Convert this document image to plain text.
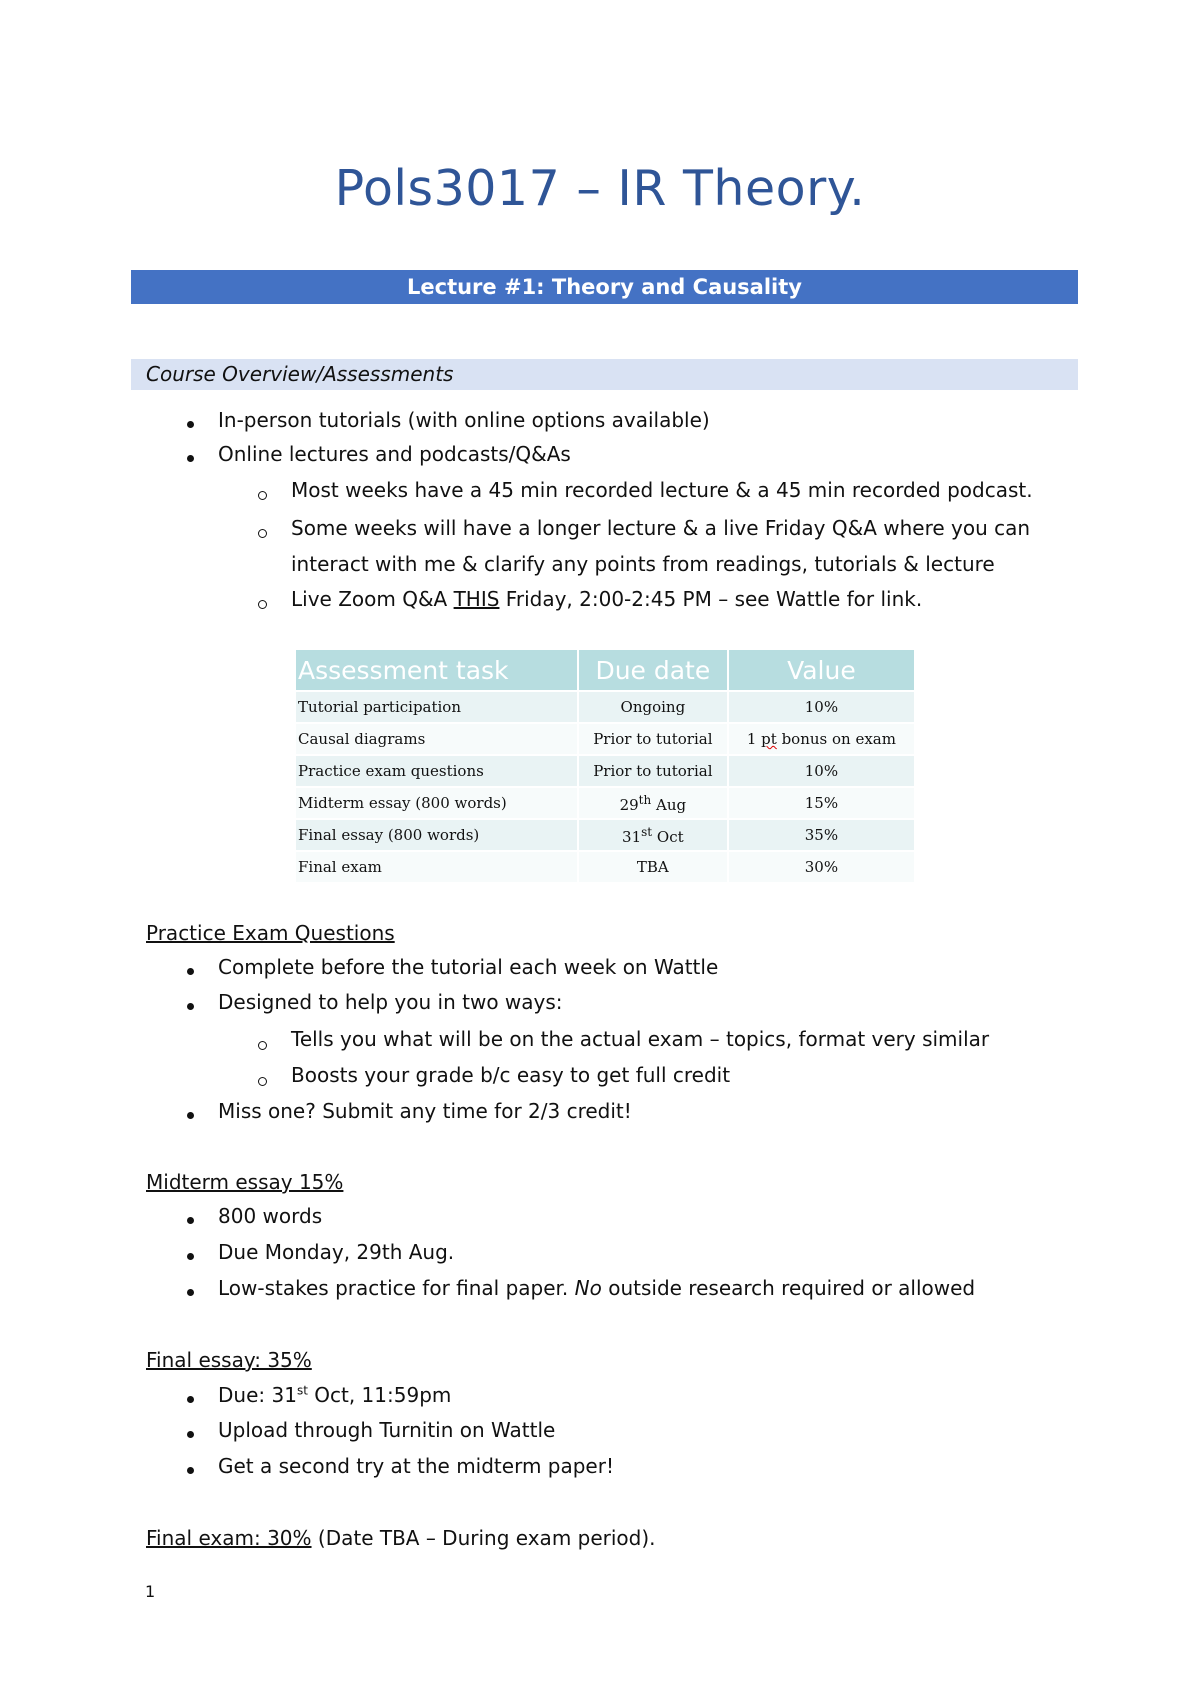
Pols3017 – IR Theory.
Lecture #1: Theory and Causality
Course Overview/Assessments
In-person tutorials (with online options available)
Online lectures and podcasts/Q&As
Most weeks have a 45 min recorded lecture & a 45 min recorded podcast.
Some weeks will have a longer lecture & a live Friday Q&A where you can
interact with me & clarify any points from readings, tutorials & lecture
Live Zoom Q&A THIS Friday, 2:00-2:45 PM – see Wattle for link.
Assessment task	Due date	Value
Tutorial participation	Ongoing	10%
Causal diagrams	Prior to tutorial	1 pt bonus on exam
Practice exam questions	Prior to tutorial	10%
Midterm essay (800 words)	29th Aug	15%
Final essay (800 words)	31st Oct	35%
Final exam	TBA	30%
Practice Exam Questions
Complete before the tutorial each week on Wattle
Designed to help you in two ways:
Tells you what will be on the actual exam – topics, format very similar
Boosts your grade b/c easy to get full credit
Miss one? Submit any time for 2/3 credit!
Midterm essay 15%
800 words
Due Monday, 29th Aug.
Low-stakes practice for final paper. No outside research required or allowed
Final essay: 35%
Due: 31st Oct, 11:59pm
Upload through Turnitin on Wattle
Get a second try at the midterm paper!
Final exam: 30% (Date TBA – During exam period).
1
